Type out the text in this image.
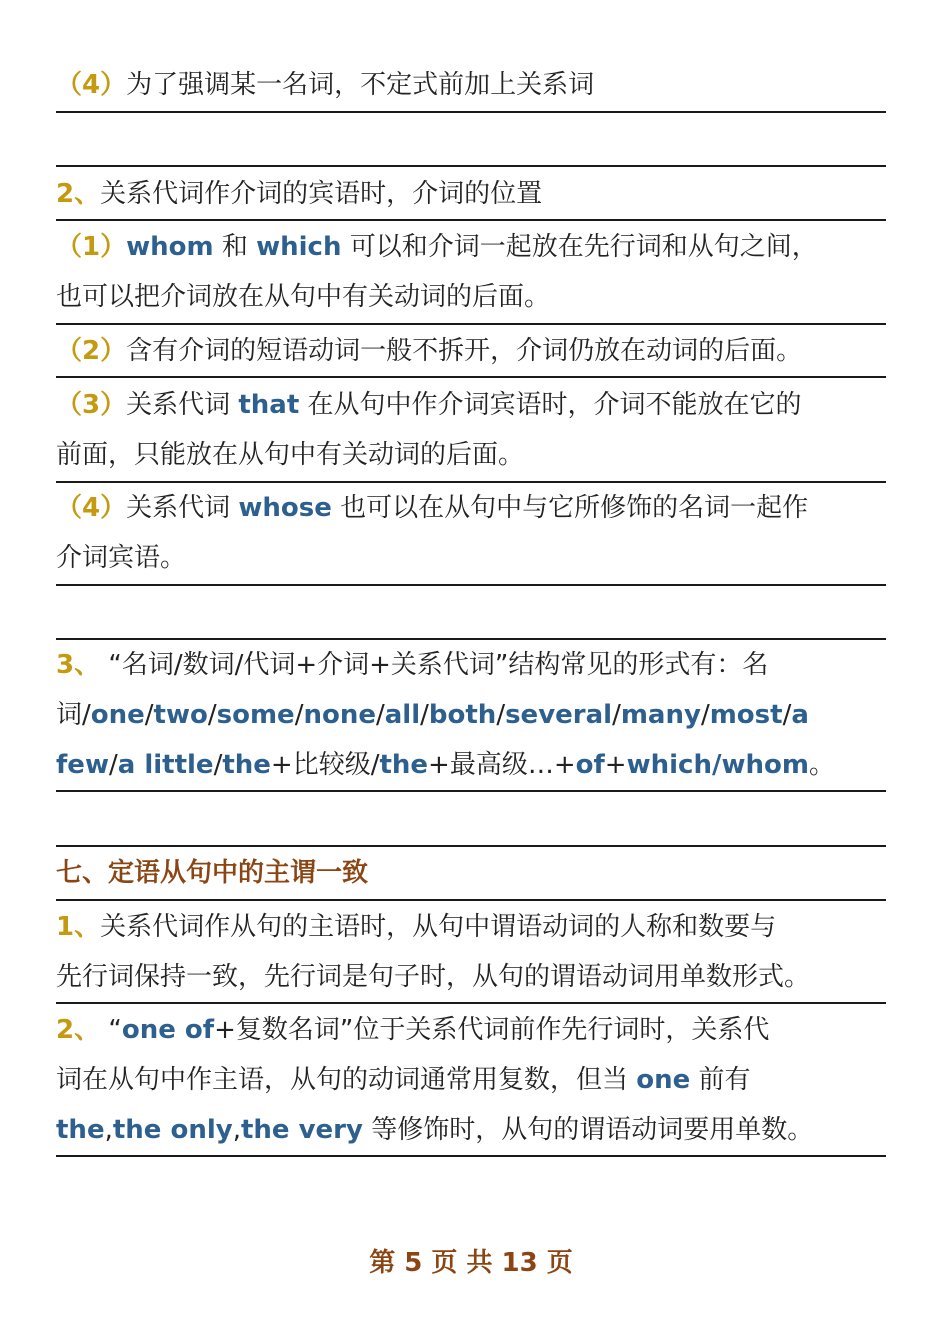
（4）为了强调某一名词，不定式前加上关系词

2、关系代词作介词的宾语时，介词的位置

（1）whom 和 which 可以和介词一起放在先行词和从句之间，
也可以把介词放在从句中有关动词的后面。

（2）含有介词的短语动词一般不拆开，介词仍放在动词的后面。

（3）关系代词 that 在从句中作介词宾语时，介词不能放在它的
前面，只能放在从句中有关动词的后面。
（4）关系代词 whose 也可以在从句中与它所修饰的名词一起作
介词宾语。
3、 “名词/数词/代词+介词+关系代词”结构常见的形式有：名
词/one/two/some/none/all/both/several/many/most/a
few/a little/the+比较级/the+最高级…+of+which/whom。

七、定语从句中的主谓一致

1、关系代词作从句的主语时，从句中谓语动词的人称和数要与
先行词保持一致，先行词是句子时，从句的谓语动词用单数形式。
2、 “one of+复数名词”位于关系代词前作先行词时，关系代
词在从句中作主语，从句的动词通常用复数，但当 one 前有
the,the only,the very 等修饰时，从句的谓语动词要用单数。
第 5 页 共 13 页
